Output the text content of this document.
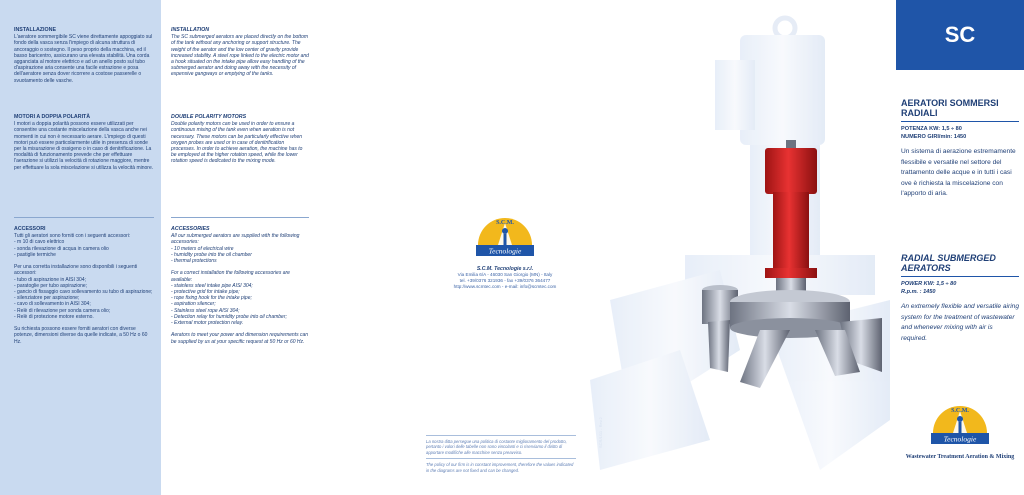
INSTALLAZIONE

L'aeratore sommergibile SC viene direttamente appoggiato sul fondo della vasca senza l'impiego di alcuna struttura di ancoraggio o sostegno. Il peso proprio della macchina, ed il basso baricentro, assicurano una elevata stabilità. Una corda agganciata al motore elettrico e ad un anello posto sul tubo d'aspirazione aria consente una facile estrazione e posa dell'aeratore senza dover ricorrere a costose passerelle o svuotamento delle vasche.

MOTORI A DOPPIA POLARITÀ

I motori a doppia polarità possono essere utilizzati per consentire una costante miscelazione della vasca anche nei momenti in cui non è necessario aerare. L'impiego di questi motori può essere particolarmente utile in presenza di sonde per la misurazione di ossigeno o in caso di denitrificazione. La modalità di funzionamento prevede che per effettuare l'aerazione si utilizzi la velocità di rotazione maggiore, mentre per effettuare la sola miscelazione si utilizza la velocità minore.

ACCESSORI

Tutti gli aeratori sono forniti con i seguenti accessori:
- m 10 di cavo elettrico
- sonda rilevazione di acqua in camera olio
- pastiglie termiche

Per una corretta installazione sono disponibili i seguenti accessori:
- tubo di aspirazione in AISI 304;
- paratoglie per tubo aspirazione;
- gancio di fissaggio cavo sollevamento su tubo di aspirazione;
- silenziatore per aspirazione;
- cavo di sollevamento in AISI 304;
- Relè di rilevazione per sonda camera olio;
- Relè di protezione motore esterno.

Su richiesta possono essere forniti aeratori con diverse potenze, dimensioni diverse da quelle indicate, a 50 Hz o 60 Hz.

INSTALLATION

The SC submerged aerators are placed directly on the bottom of the tank without any anchoring or support structure. The weight of the aerator and the low center of gravity provide increased stability. A steel rope linked to the electric motor and a hook situated on the intake pipe allow easy handling of the submerged aerator and doing away with the necessity of expensive gangways or emptying of the tanks.

DOUBLE POLARITY MOTORS

Double polarity motors can be used in order to ensure a continuous mixing of the tank even when aeration is not necessary. These motors can be particularly effective when oxygen probes are used or in case of denitrification processes. In order to achieve aeration, the machine has to be employed at the higher rotation speed, while the lower rotation speed is dedicated to the mixing mode.

ACCESSORIES

All our submerged aerators are supplied with the following accessories:
- 10 meters of electrical wire
- humidity probe into the oil chamber
- thermal protections

For a correct installation the following accessories are available:
- stainless steel intake pipe AISI 304;
- protective grid for intake pipe;
- rope fixing hook for the intake pipe;
- aspiration silencer;
- Stainless steel rope AISI 304;
- Detection relay for humidity probe into oil chamber;
- External motor protection relay.

Aerators to meet your power and dimension requirements can be supplied by us at your specific request at 50 Hz or 60 Hz.

S.C.M.
Tecnologie
S.C.M. Tecnologie s.r.l.
Via Emilia 6/A - 46030 San Giorgio (MN) - Italy
tel. +39/0376 321936 - fax +39/0376 364477
http://www.scmtec.com - e-mail: info@scmtec.com

La nostra ditta persegue una politica di costante miglioramento del prodotto, pertanto i valori delle tabelle non sono vincolanti e ci riserviamo il diritto di apportare modifiche alle macchine senza preavviso.

The policy of our firm is in constant improvement, therefore the values indicated in the diagrams are not fixed and can be changed.

SC
AERATORI SOMMERSI RADIALI
POTENZA KW: 1,5 ÷ 80
NUMERO GIRI/min: 1450
Un sistema di aerazione estremamente flessibile e versatile nel settore del trattamento delle acque e in tutti i casi ove è richiesta la miscelazione con l'apporto di aria.
RADIAL SUBMERGED AERATORS
POWER KW: 1,5 ÷ 80
R.p.m. : 1450
An extremely flexible and versatile airing system for the treatment of wastewater and whenever mixing with air is required.
S.C.M.
Tecnologie
Wastewater Treatment Aeration & Mixing
